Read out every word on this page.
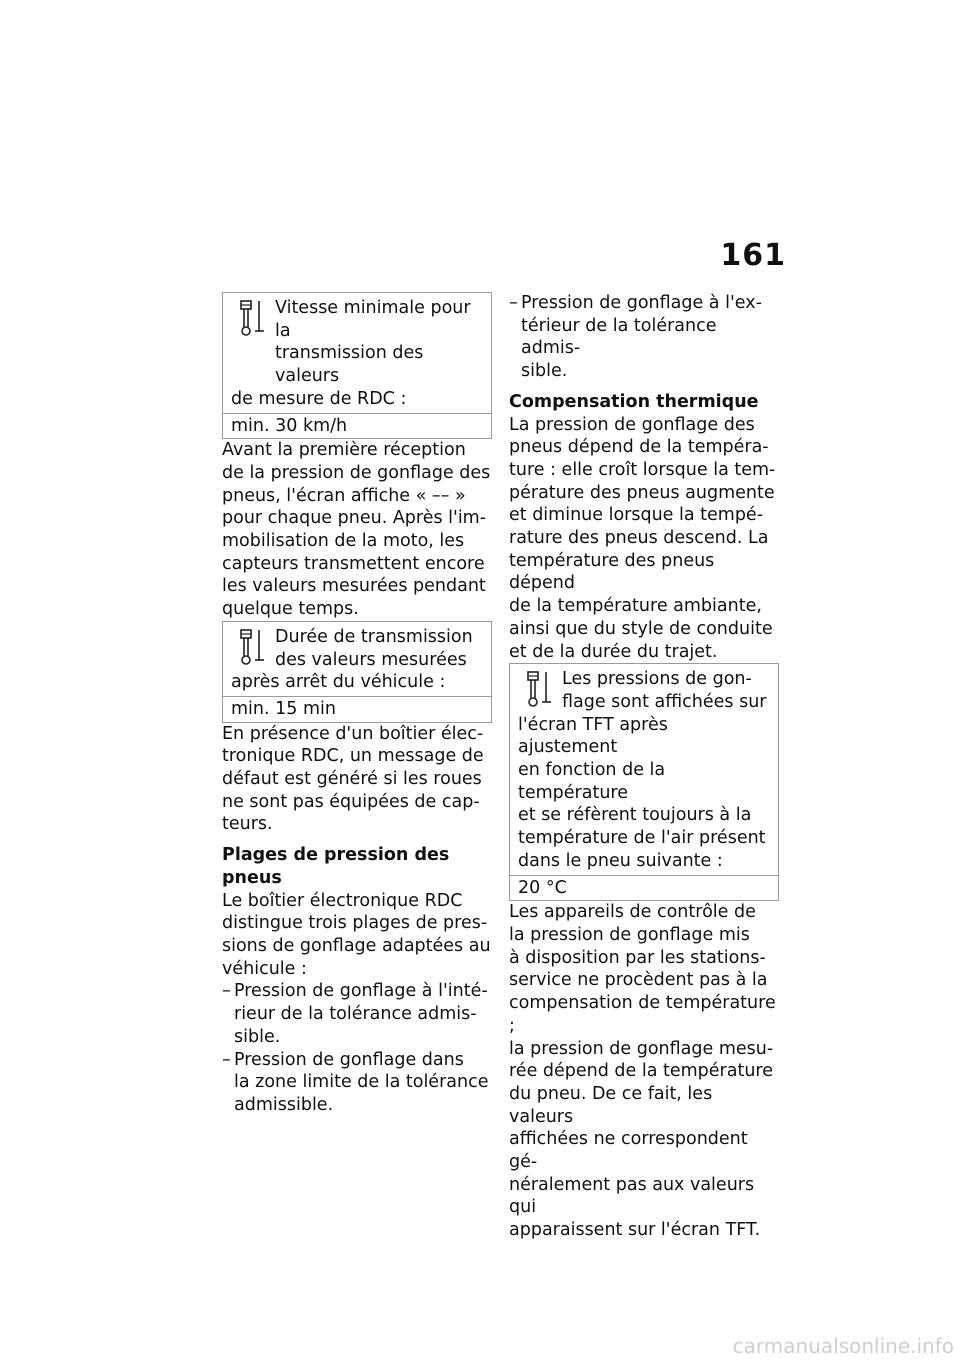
161
Vitesse minimale pour la
transmission des valeurs
de mesure de RDC :
min. 30 km/h

Avant la première réception

de la pression de gonflage des

pneus, l'écran affiche « –– »

pour chaque pneu. Après l'im-

mobilisation de la moto, les

capteurs transmettent encore

les valeurs mesurées pendant

quelque temps.

Durée de transmission
des valeurs mesurées
après arrêt du véhicule :
min. 15 min

En présence d'un boîtier élec-

tronique RDC, un message de

défaut est généré si les roues

ne sont pas équipées de cap-

teurs.

Plages de pression des pneus

Le boîtier électronique RDC

distingue trois plages de pres-

sions de gonflage adaptées au

véhicule :

– Pression de gonflage à l'inté-
rieur de la tolérance admis-
sible.
– Pression de gonflage dans
la zone limite de la tolérance
admissible.
– Pression de gonflage à l'ex-
térieur de la tolérance admis-
sible.

Compensation thermique

La pression de gonflage des

pneus dépend de la tempéra-

ture : elle croît lorsque la tem-

pérature des pneus augmente

et diminue lorsque la tempé-

rature des pneus descend. La

température des pneus dépend

de la température ambiante,

ainsi que du style de conduite

et de la durée du trajet.

Les pressions de gon-
flage sont affichées sur
l'écran TFT après ajustement
en fonction de la température
et se réfèrent toujours à la
température de l'air présent
dans le pneu suivante :
20 °C

Les appareils de contrôle de

la pression de gonflage mis

à disposition par les stations-

service ne procèdent pas à la

compensation de température ;

la pression de gonflage mesu-

rée dépend de la température

du pneu. De ce fait, les valeurs

affichées ne correspondent gé-

néralement pas aux valeurs qui

apparaissent sur l'écran TFT.

carmanualsonline.info
